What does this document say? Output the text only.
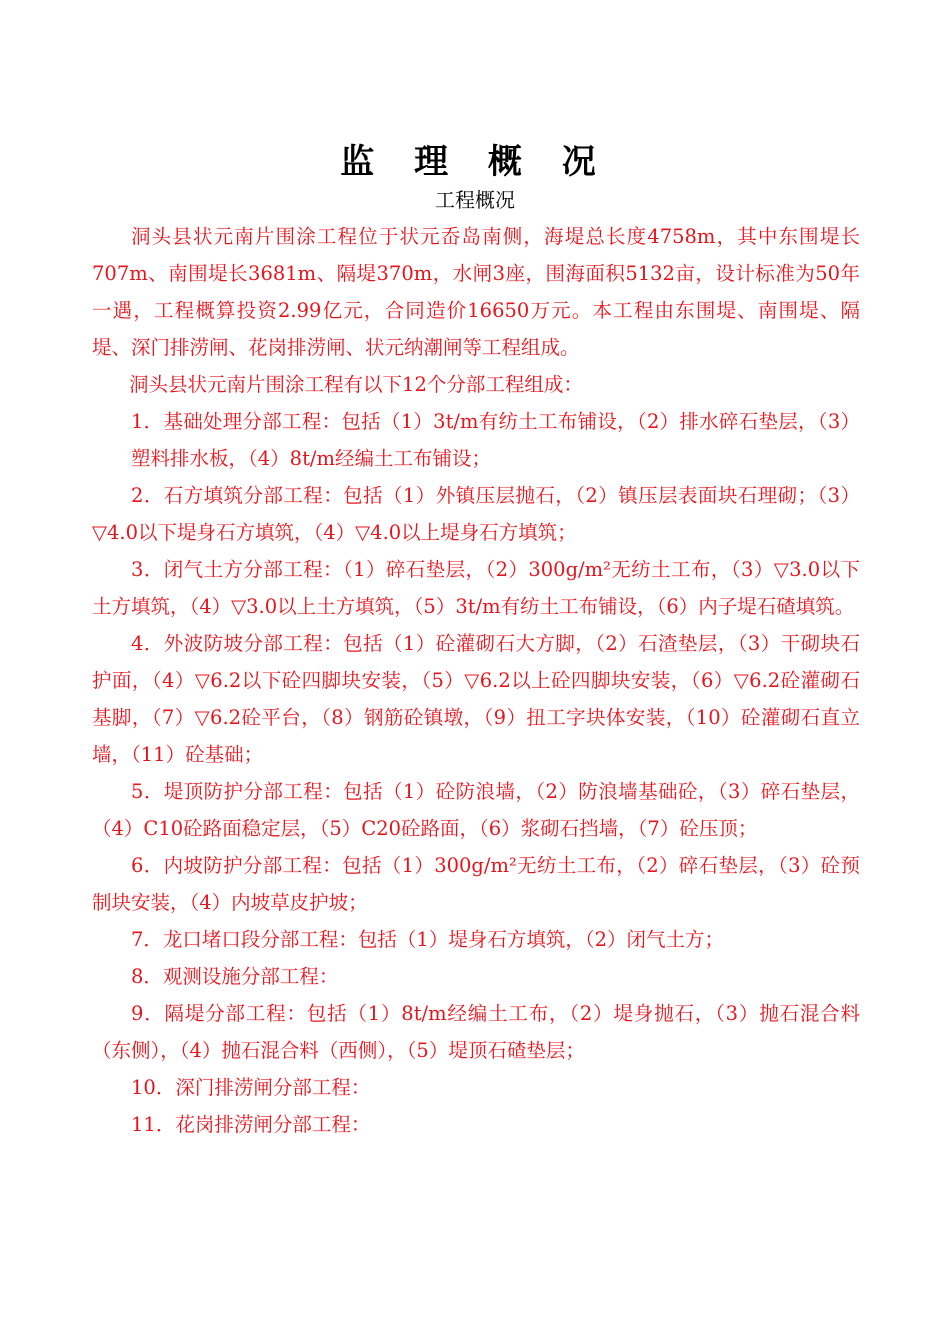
监 理 概 况
工程概况

洞头县状元南片围涂工程位于状元岙岛南侧，海堤总长度4758m，其中东围堤长707m、南围堤长3681m、隔堤370m，水闸3座，围海面积5132亩，设计标准为50年一遇，工程概算投资2.99亿元，合同造价16650万元。本工程由东围堤、南围堤、隔堤、深门排涝闸、花岗排涝闸、状元纳潮闸等工程组成。

洞头县状元南片围涂工程有以下12个分部工程组成：

1．基础处理分部工程：包括（1）3t/m有纺土工布铺设，（2）排水碎石垫层，（3）塑料排水板，（4）8t/m经编土工布铺设；

2．石方填筑分部工程：包括（1）外镇压层抛石，（2）镇压层表面块石理砌；（3）▽4.0以下堤身石方填筑，（4）▽4.0以上堤身石方填筑；

3．闭气土方分部工程：（1）碎石垫层，（2）300g/m²无纺土工布，（3）▽3.0以下土方填筑，（4）▽3.0以上土方填筑，（5）3t/m有纺土工布铺设，（6）内子堤石碴填筑。

4．外波防坡分部工程：包括（1）砼灌砌石大方脚，（2）石渣垫层，（3）干砌块石护面，（4）▽6.2以下砼四脚块安装，（5）▽6.2以上砼四脚块安装，（6）▽6.2砼灌砌石基脚，（7）▽6.2砼平台，（8）钢筋砼镇墩，（9）扭工字块体安装，（10）砼灌砌石直立墙，（11）砼基础；

5．堤顶防护分部工程：包括（1）砼防浪墙，（2）防浪墙基础砼，（3）碎石垫层，（4）C10砼路面稳定层，（5）C20砼路面，（6）浆砌石挡墙，（7）砼压顶；

6．内坡防护分部工程：包括（1）300g/m²无纺土工布，（2）碎石垫层，（3）砼预制块安装，（4）内坡草皮护坡；

7．龙口堵口段分部工程：包括（1）堤身石方填筑，（2）闭气土方；

8．观测设施分部工程：

9．隔堤分部工程：包括（1）8t/m经编土工布，（2）堤身抛石，（3）抛石混合料（东侧），（4）抛石混合料（西侧），（5）堤顶石碴垫层；

10．深门排涝闸分部工程：

11．花岗排涝闸分部工程：
